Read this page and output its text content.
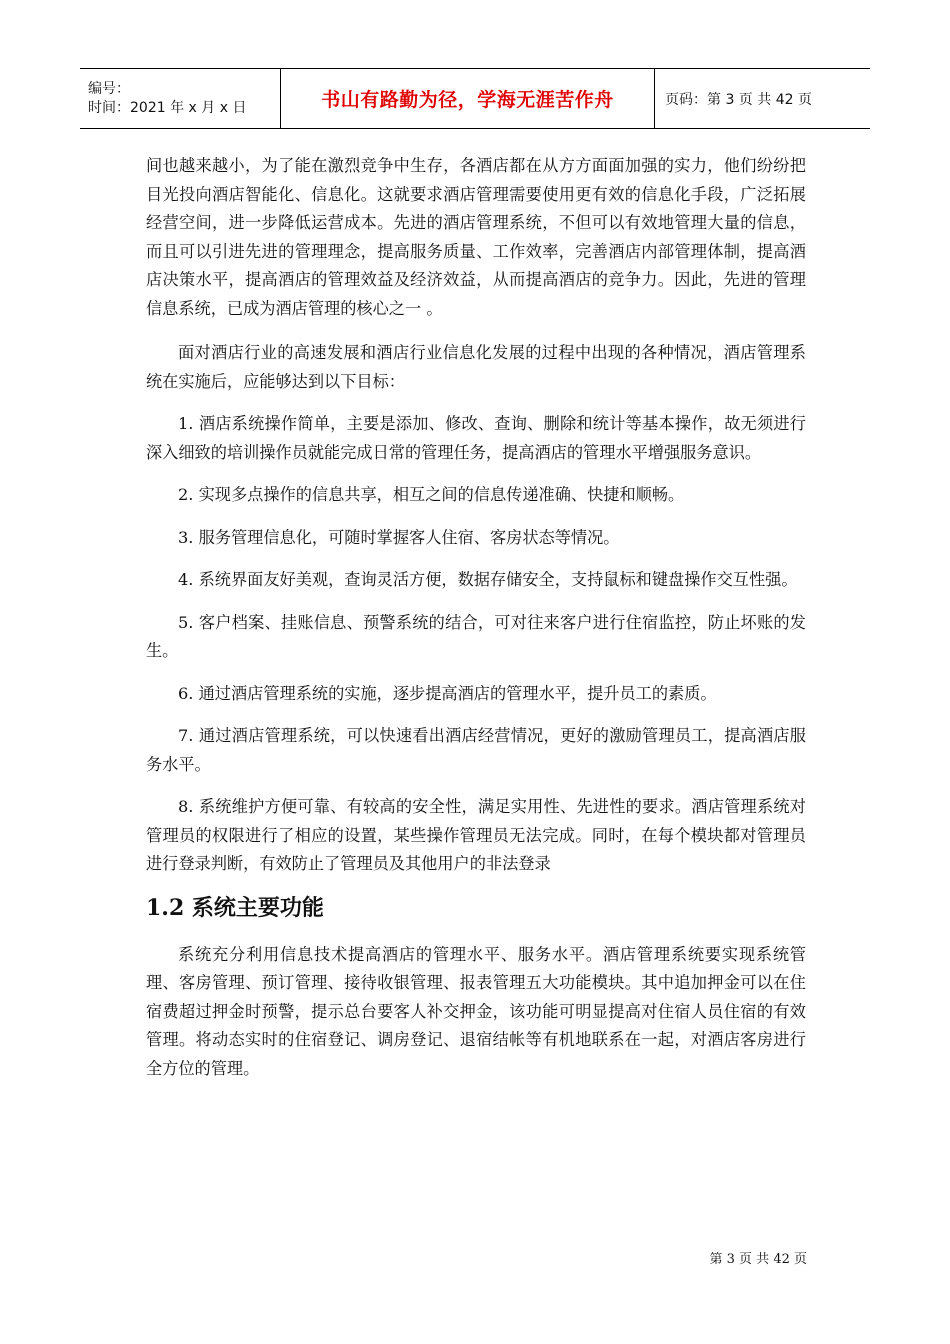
编号：
时间：2021 年 x 月 x 日	书山有路勤为径，学海无涯苦作舟	页码：第 3 页 共 42 页

间也越来越小，为了能在激烈竞争中生存，各酒店都在从方方面面加强的实力，他们纷纷把目光投向酒店智能化、信息化。这就要求酒店管理需要使用更有效的信息化手段，广泛拓展经营空间，进一步降低运营成本。先进的酒店管理系统，不但可以有效地管理大量的信息，而且可以引进先进的管理理念，提高服务质量、工作效率，完善酒店内部管理体制，提高酒店决策水平，提高酒店的管理效益及经济效益，从而提高酒店的竞争力。因此，先进的管理信息系统，已成为酒店管理的核心之一 。

面对酒店行业的高速发展和酒店行业信息化发展的过程中出现的各种情况，酒店管理系统在实施后，应能够达到以下目标：

1. 酒店系统操作简单，主要是添加、修改、查询、删除和统计等基本操作，故无须进行深入细致的培训操作员就能完成日常的管理任务，提高酒店的管理水平增强服务意识。

2. 实现多点操作的信息共享，相互之间的信息传递准确、快捷和顺畅。

3. 服务管理信息化，可随时掌握客人住宿、客房状态等情况。

4. 系统界面友好美观，查询灵活方便，数据存储安全，支持鼠标和键盘操作交互性强。

5. 客户档案、挂账信息、预警系统的结合，可对往来客户进行住宿监控，防止坏账的发生。

6. 通过酒店管理系统的实施，逐步提高酒店的管理水平，提升员工的素质。

7. 通过酒店管理系统，可以快速看出酒店经营情况，更好的激励管理员工，提高酒店服务水平。

8. 系统维护方便可靠、有较高的安全性，满足实用性、先进性的要求。酒店管理系统对管理员的权限进行了相应的设置，某些操作管理员无法完成。同时，在每个模块都对管理员进行登录判断，有效防止了管理员及其他用户的非法登录

1.2 系统主要功能

系统充分利用信息技术提高酒店的管理水平、服务水平。酒店管理系统要实现系统管理、客房管理、预订管理、接待收银管理、报表管理五大功能模块。其中追加押金可以在住宿费超过押金时预警，提示总台要客人补交押金，该功能可明显提高对住宿人员住宿的有效管理。将动态实时的住宿登记、调房登记、退宿结帐等有机地联系在一起，对酒店客房进行全方位的管理。

第 3 页 共 42 页
